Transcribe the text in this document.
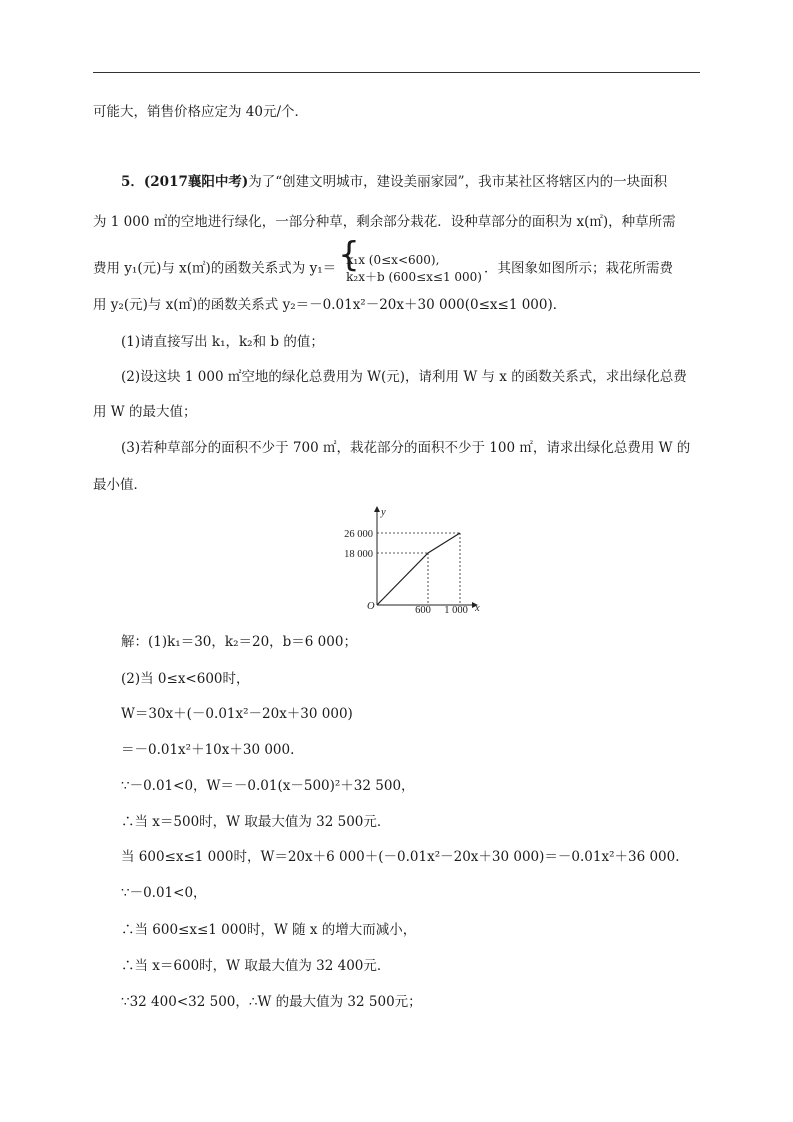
可能大，销售价格应定为 40元/个．
5．(2017襄阳中考)为了“创建文明城市，建设美丽家园”，我市某社区将辖区内的一块面积
为 1 000 ㎡的空地进行绿化，一部分种草，剩余部分栽花．设种草部分的面积为 x(㎡)，种草所需
费用 y₁(元)与 x(㎡)的函数关系式为 y₁＝ {
k₁x (0≤x<600),
k₂x＋b (600≤x≤1 000)
．其图象如图所示；栽花所需费
用 y₂(元)与 x(㎡)的函数关系式 y₂＝－0.01x²－20x＋30 000(0≤x≤1 000)．
(1)请直接写出 k₁，k₂和 b 的值；
(2)设这块 1 000 ㎡空地的绿化总费用为 W(元)，请利用 W 与 x 的函数关系式，求出绿化总费
用 W 的最大值；
(3)若种草部分的面积不少于 700 ㎡，栽花部分的面积不少于 100 ㎡，请求出绿化总费用 W 的
最小值．
y
x
O
26 000
18 000
600 1 000
解：(1)k₁＝30，k₂＝20，b＝6 000；
(2)当 0≤x<600时，
W＝30x＋(－0.01x²－20x＋30 000)
＝－0.01x²＋10x＋30 000.
∵－0.01<0，W＝－0.01(x－500)²＋32 500，
∴当 x＝500时，W 取最大值为 32 500元．
当 600≤x≤1 000时，W＝20x＋6 000＋(－0.01x²－20x＋30 000)＝－0.01x²＋36 000.
∵－0.01<0，
∴当 600≤x≤1 000时，W 随 x 的增大而减小，
∴当 x＝600时，W 取最大值为 32 400元．
∵32 400<32 500，∴W 的最大值为 32 500元；
